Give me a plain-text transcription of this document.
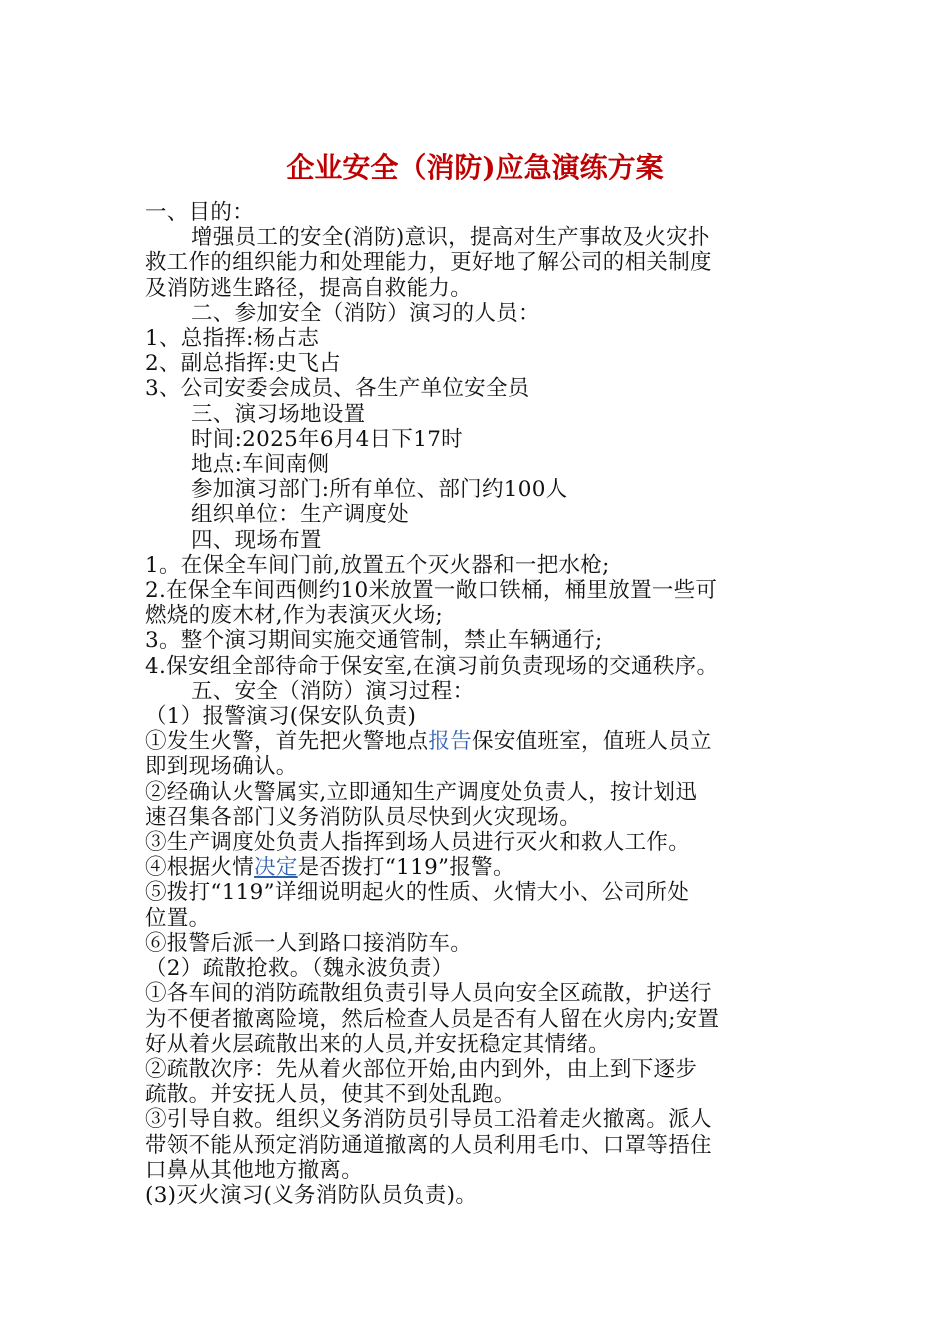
企业安全（消防)应急演练方案
一、目的：
增强员工的安全(消防)意识，提高对生产事故及火灾扑
救工作的组织能力和处理能力，更好地了解公司的相关制度
及消防逃生路径，提高自救能力。
二、参加安全（消防）演习的人员：
1、总指挥:杨占志
2、副总指挥:史飞占
3、公司安委会成员、各生产单位安全员
三、演习场地设置
时间:2025年6月4日下17时
地点:车间南侧
参加演习部门:所有单位、部门约100人
组织单位：生产调度处
四、现场布置
1。在保全车间门前,放置五个灭火器和一把水枪;
2.在保全车间西侧约10米放置一敞口铁桶，桶里放置一些可
燃烧的废木材,作为表演灭火场;
3。整个演习期间实施交通管制，禁止车辆通行;
4.保安组全部待命于保安室,在演习前负责现场的交通秩序。
五、安全（消防）演习过程：
（1）报警演习(保安队负责)
①发生火警，首先把火警地点报告保安值班室，值班人员立
即到现场确认。
②经确认火警属实,立即通知生产调度处负责人，按计划迅
速召集各部门义务消防队员尽快到火灾现场。
③生产调度处负责人指挥到场人员进行灭火和救人工作。
④根据火情决定是否拨打“119”报警。
⑤拨打“119”详细说明起火的性质、火情大小、公司所处
位置。
⑥报警后派一人到路口接消防车。
（2）疏散抢救。（魏永波负责）
①各车间的消防疏散组负责引导人员向安全区疏散，护送行
为不便者撤离险境，然后检查人员是否有人留在火房内;安置
好从着火层疏散出来的人员,并安抚稳定其情绪。
②疏散次序：先从着火部位开始,由内到外，由上到下逐步
疏散。并安抚人员，使其不到处乱跑。
③引导自救。组织义务消防员引导员工沿着走火撤离。派人
带领不能从预定消防通道撤离的人员利用毛巾、口罩等捂住
口鼻从其他地方撤离。
(3)灭火演习(义务消防队员负责)。
